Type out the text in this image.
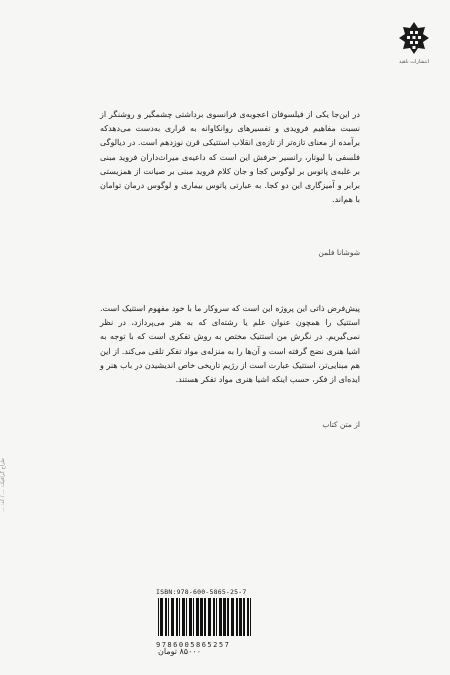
انتشارات ناهید
در این‌جا یکی از فیلسوفان اعجوبه‌ی فرانسوی برداشتی چشمگیر و روشنگر از نسبت مفاهیم فرویدی و تفسیرهای روانکاوانه به قراری به‌دست می‌دهدکه برآمده از معنای تازه‌تر از تازه‌ی انقلاب استتیکی قرن نوزدهم است. در دیالوگی فلسفی با لیوتار، رانسیر حرفش این است که داعیه‌ی میراث‌داران فروید مبنی بر غلبه‌ی پاتوس بر لوگوس کجا و جان کلام فروید مبنی بر صیانت از همزیستی برابر و آمیزگاری این دو کجا. به عبارتی پاتوس بیماری و لوگوس درمان توامان با هم‌اند.
شوشانا فلمن
پیش‌فرض ذاتی این پروژه این است که سروکار ما با خود مفهوم استتیک است. استتیک را همچون عنوان علم یا رشته‌ای که به هنر می‌پردازد، در نظر نمی‌گیریم. در نگرش من استتیک مختص به روش تفکری است که با توجه به اشیا هنری نضج گرفته است و آن‌ها را به منزله‌ی مواد تفکر تلقی می‌کند. از این هم مبنایی‌تر، استتیک عبارت است از رژیم تاریخی خاص اندیشیدن در باب هنر و ایده‌ای از فکر، حسب اینکه اشیا هنری مواد تفکر هستند.
از متن کتاب
طراح گرافیک: ... / کد: ...
ISBN:978-600-5865-25-7
9786005865257
۸۵۰۰۰ تومان
